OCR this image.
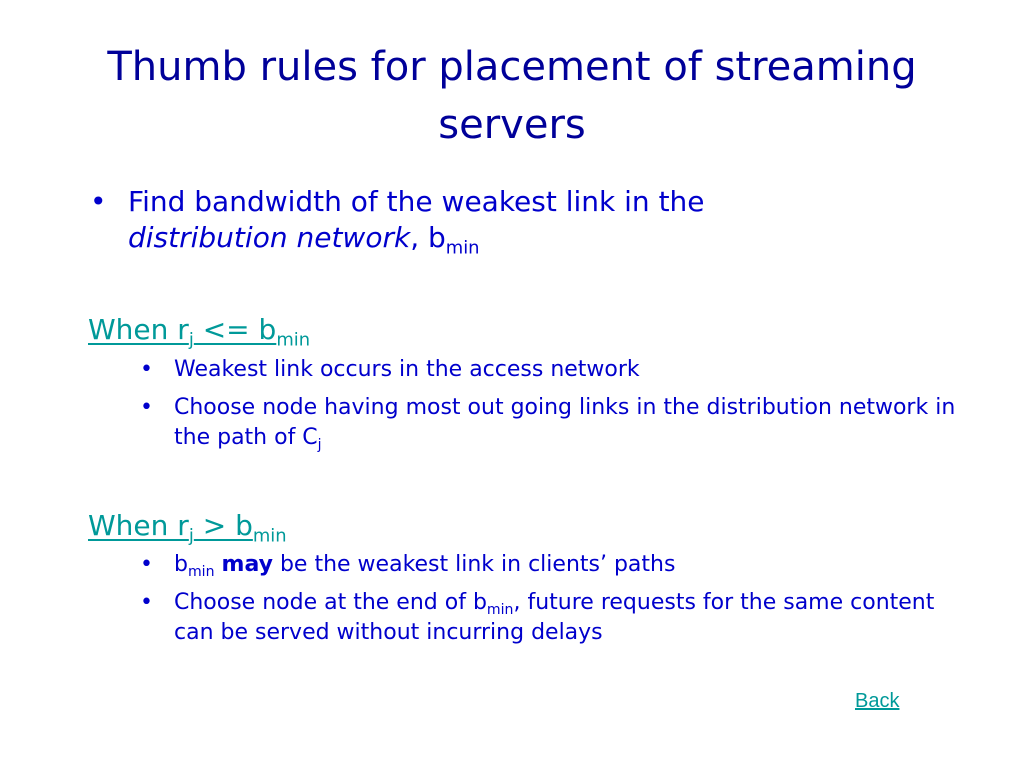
Thumb rules for placement of streaming servers
• Find bandwidth of the weakest link in the distribution network, $b_{min}$
When $r_j <= b_{min}$
• Weakest link occurs in the access network
• Choose node having most out going links in the distribution network in the path of $C_j$
When $r_j > b_{min}$
• $b_{min}$ may be the weakest link in clients’ paths
• Choose node at the end of $b_{min}$, future requests for the same content can be served without incurring delays
Back
